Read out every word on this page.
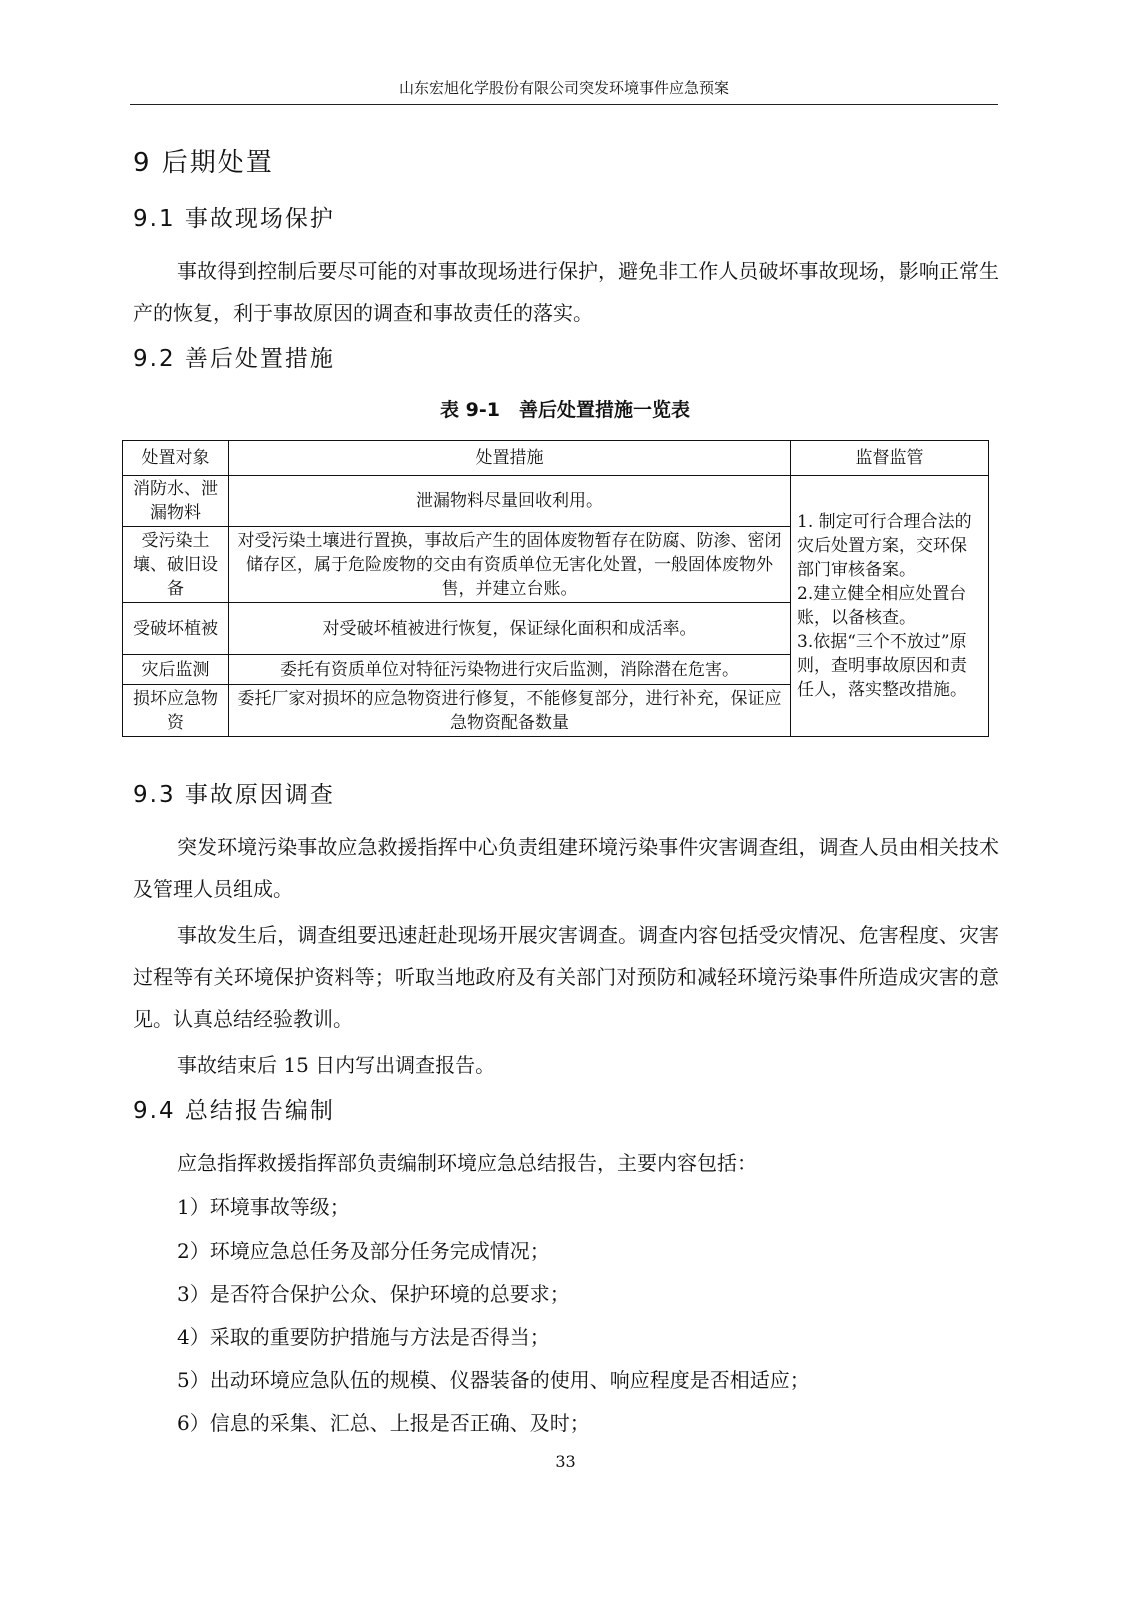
山东宏旭化学股份有限公司突发环境事件应急预案
9 后期处置
9.1 事故现场保护
事故得到控制后要尽可能的对事故现场进行保护，避免非工作人员破坏事故现场，影响正常生产的恢复，利于事故原因的调查和事故责任的落实。
9.2 善后处置措施
表 9-1　善后处置措施一览表
处置对象	处置措施	监督监管
消防水、泄漏物料	泄漏物料尽量回收利用。	1. 制定可行合理合法的灾后处置方案，交环保部门审核备案。
2.建立健全相应处置台账，以备核查。
3.依据“三个不放过”原则，查明事故原因和责任人，落实整改措施。

受污染土壤、破旧设备	对受污染土壤进行置换，事故后产生的固体废物暂存在防腐、防渗、密闭储存区，属于危险废物的交由有资质单位无害化处置，一般固体废物外售，并建立台账。	
受破坏植被	对受破坏植被进行恢复，保证绿化面积和成活率。	
灾后监测	委托有资质单位对特征污染物进行灾后监测，消除潜在危害。	
损坏应急物资	委托厂家对损坏的应急物资进行修复，不能修复部分，进行补充，保证应急物资配备数量	
9.3 事故原因调查
突发环境污染事故应急救援指挥中心负责组建环境污染事件灾害调查组，调查人员由相关技术及管理人员组成。
事故发生后，调查组要迅速赶赴现场开展灾害调查。调查内容包括受灾情况、危害程度、灾害过程等有关环境保护资料等；听取当地政府及有关部门对预防和减轻环境污染事件所造成灾害的意见。认真总结经验教训。
事故结束后 15 日内写出调查报告。
9.4 总结报告编制
应急指挥救援指挥部负责编制环境应急总结报告，主要内容包括：
1）环境事故等级；
2）环境应急总任务及部分任务完成情况；
3）是否符合保护公众、保护环境的总要求；
4）采取的重要防护措施与方法是否得当；
5）出动环境应急队伍的规模、仪器装备的使用、响应程度是否相适应；
6）信息的采集、汇总、上报是否正确、及时；
33
